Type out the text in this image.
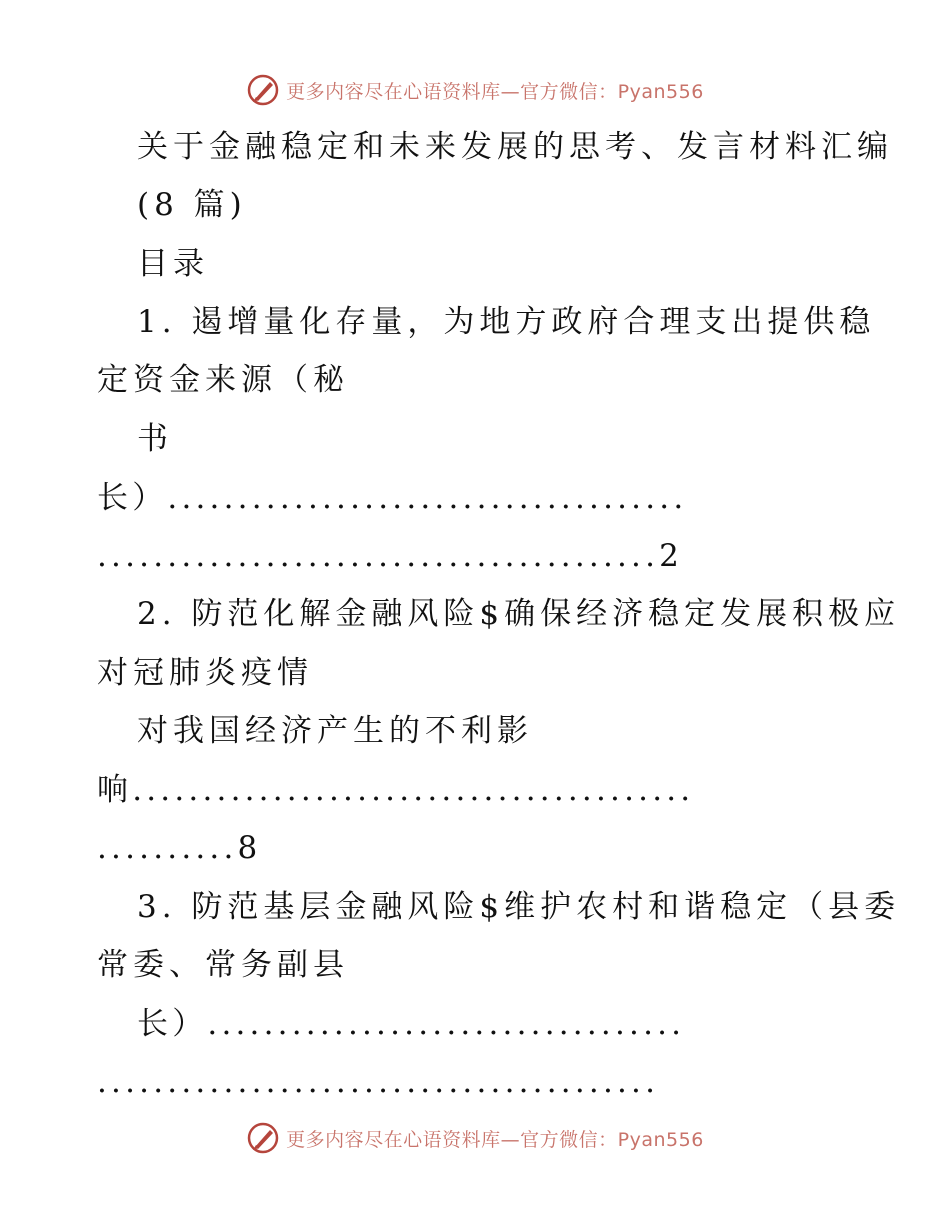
更多内容尽在心语资料库—官方微信：Pyan556
关于金融稳定和未来发展的思考、发言材料汇编
(8 篇)
目录
1. 遏增量化存量，为地方政府合理支出提供稳
定资金来源（秘
书
长）.....................................
........................................2
2. 防范化解金融风险$确保经济稳定发展积极应
对冠肺炎疫情
对我国经济产生的不利影
响........................................
..........8
3. 防范基层金融风险$维护农村和谐稳定（县委
常委、常务副县
长）..................................
........................................
更多内容尽在心语资料库—官方微信：Pyan556
